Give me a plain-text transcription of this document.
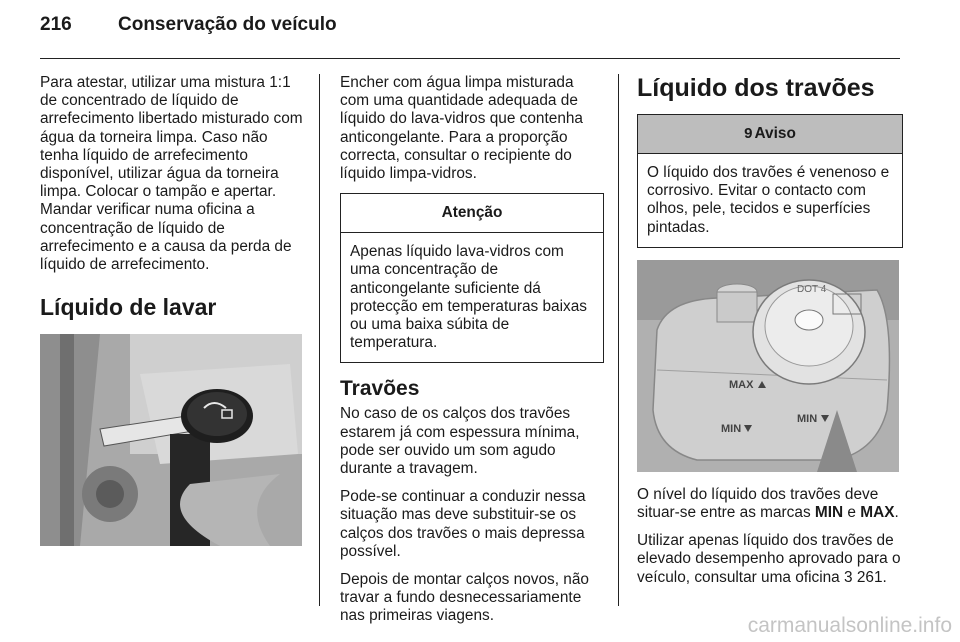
216 Conservação do veículo

Para atestar, utilizar uma mistura 1:1 de concentrado de líquido de arrefecimento libertado misturado com água da torneira limpa. Caso não tenha líquido de arrefecimento disponível, utilizar água da torneira limpa. Colocar o tampão e apertar. Mandar verificar numa oficina a concentração de líquido de arrefecimento e a causa da perda de líquido de arrefecimento.

Líquido de lavar

Encher com água limpa misturada com uma quantidade adequada de líquido do lava-vidros que contenha anticongelante. Para a proporção correcta, consultar o recipiente do líquido limpa-vidros.

Atenção
Apenas líquido lava-vidros com uma concentração de anticongelante suficiente dá protecção em temperaturas baixas ou uma baixa súbita de temperatura.
Travões

No caso de os calços dos travões estarem já com espessura mínima, pode ser ouvido um som agudo durante a travagem.

Pode-se continuar a conduzir nessa situação mas deve substituir-se os calços dos travões o mais depressa possível.

Depois de montar calços novos, não travar a fundo desnecessariamente nas primeiras viagens.

Líquido dos travões
9 Aviso
O líquido dos travões é venenoso e corrosivo. Evitar o contacto com olhos, pele, tecidos e superfícies pintadas.
DOT 4
MAX
MIN
MIN

O nível do líquido dos travões deve situar-se entre as marcas MIN e MAX.

Utilizar apenas líquido dos travões de elevado desempenho aprovado para o veículo, consultar uma oficina 3 261.

carmanualsonline.info
